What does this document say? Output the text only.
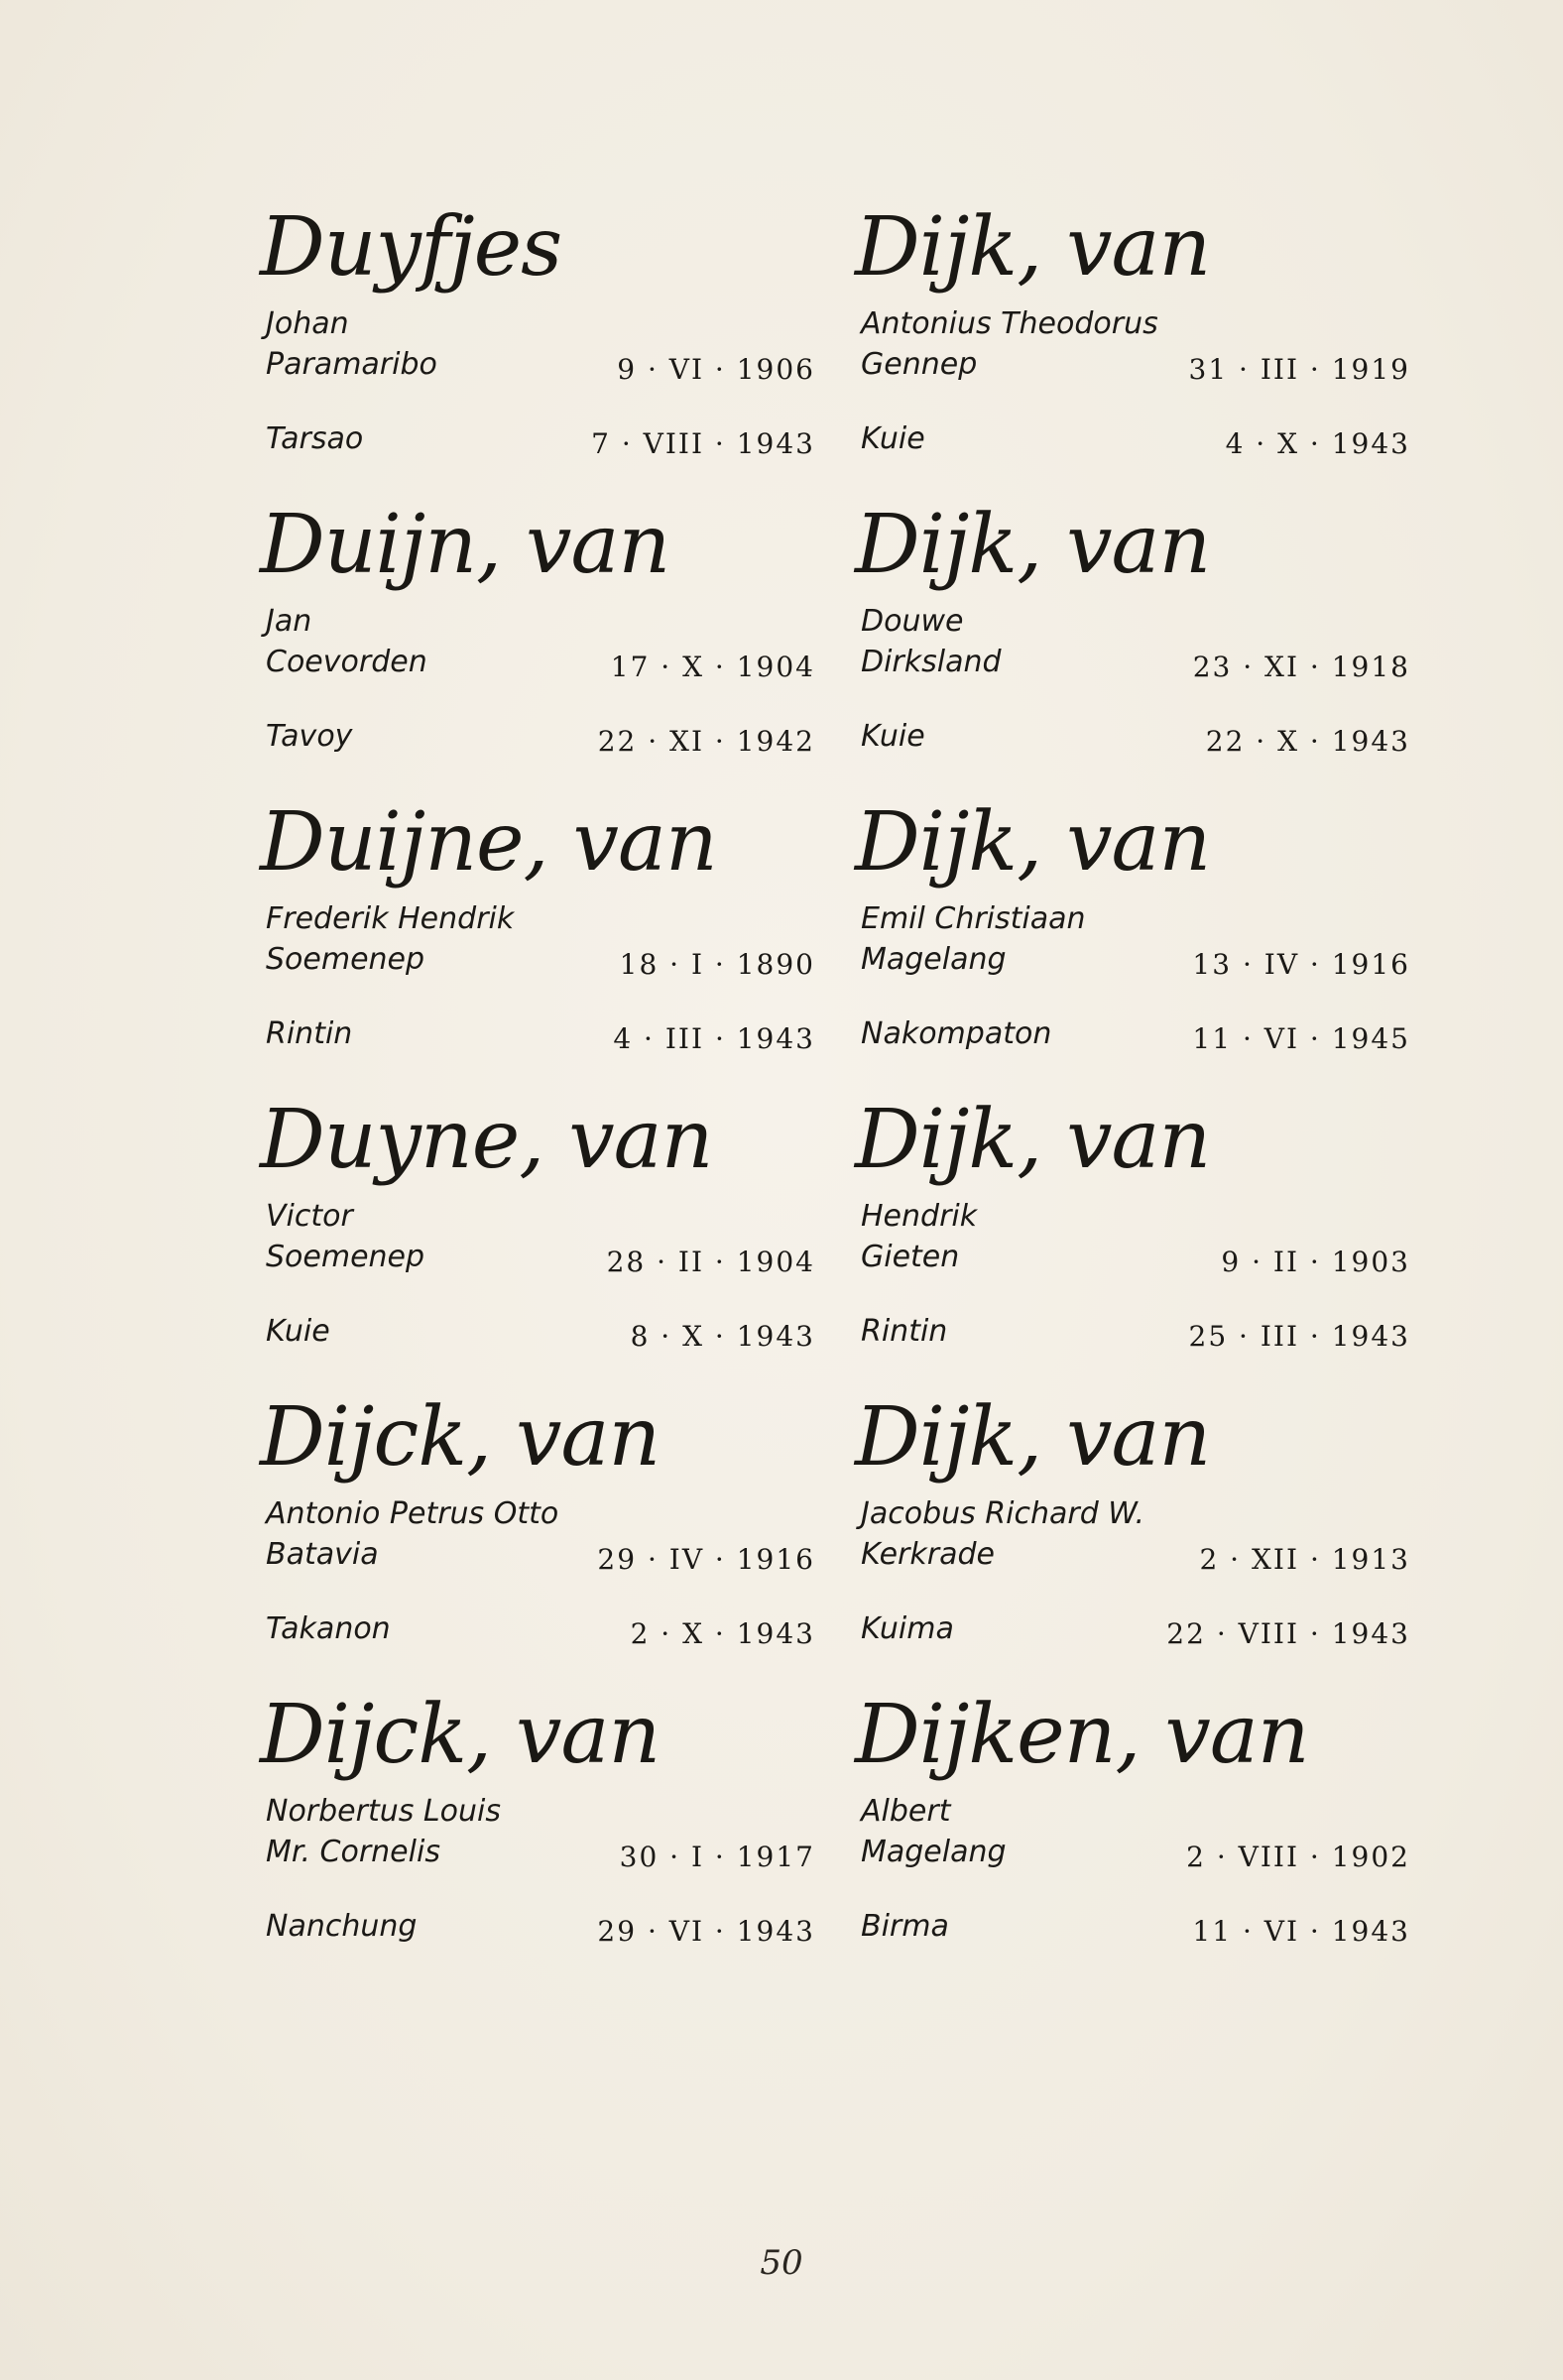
Duyfjes
Johan
Paramaribo	9 · VI · 1906
Tarsao	7 · VIII · 1943
Duijn, van
Jan
Coevorden	17 · X · 1904
Tavoy	22 · XI · 1942
Duijne, van
Frederik Hendrik
Soemenep	18 · I · 1890
Rintin	4 · III · 1943
Duyne, van
Victor
Soemenep	28 · II · 1904
Kuie	8 · X · 1943
Dijck, van
Antonio Petrus Otto
Batavia	29 · IV · 1916
Takanon	2 · X · 1943
Dijck, van
Norbertus Louis
Mr. Cornelis	30 · I · 1917
Nanchung	29 · VI · 1943
Dijk, van
Antonius Theodorus
Gennep	31 · III · 1919
Kuie	4 · X · 1943
Dijk, van
Douwe
Dirksland	23 · XI · 1918
Kuie	22 · X · 1943
Dijk, van
Emil Christiaan
Magelang	13 · IV · 1916
Nakompaton	11 · VI · 1945
Dijk, van
Hendrik
Gieten	9 · II · 1903
Rintin	25 · III · 1943
Dijk, van
Jacobus Richard W.
Kerkrade	2 · XII · 1913
Kuima	22 · VIII · 1943
Dijken, van
Albert
Magelang	2 · VIII · 1902
Birma	11 · VI · 1943
50
